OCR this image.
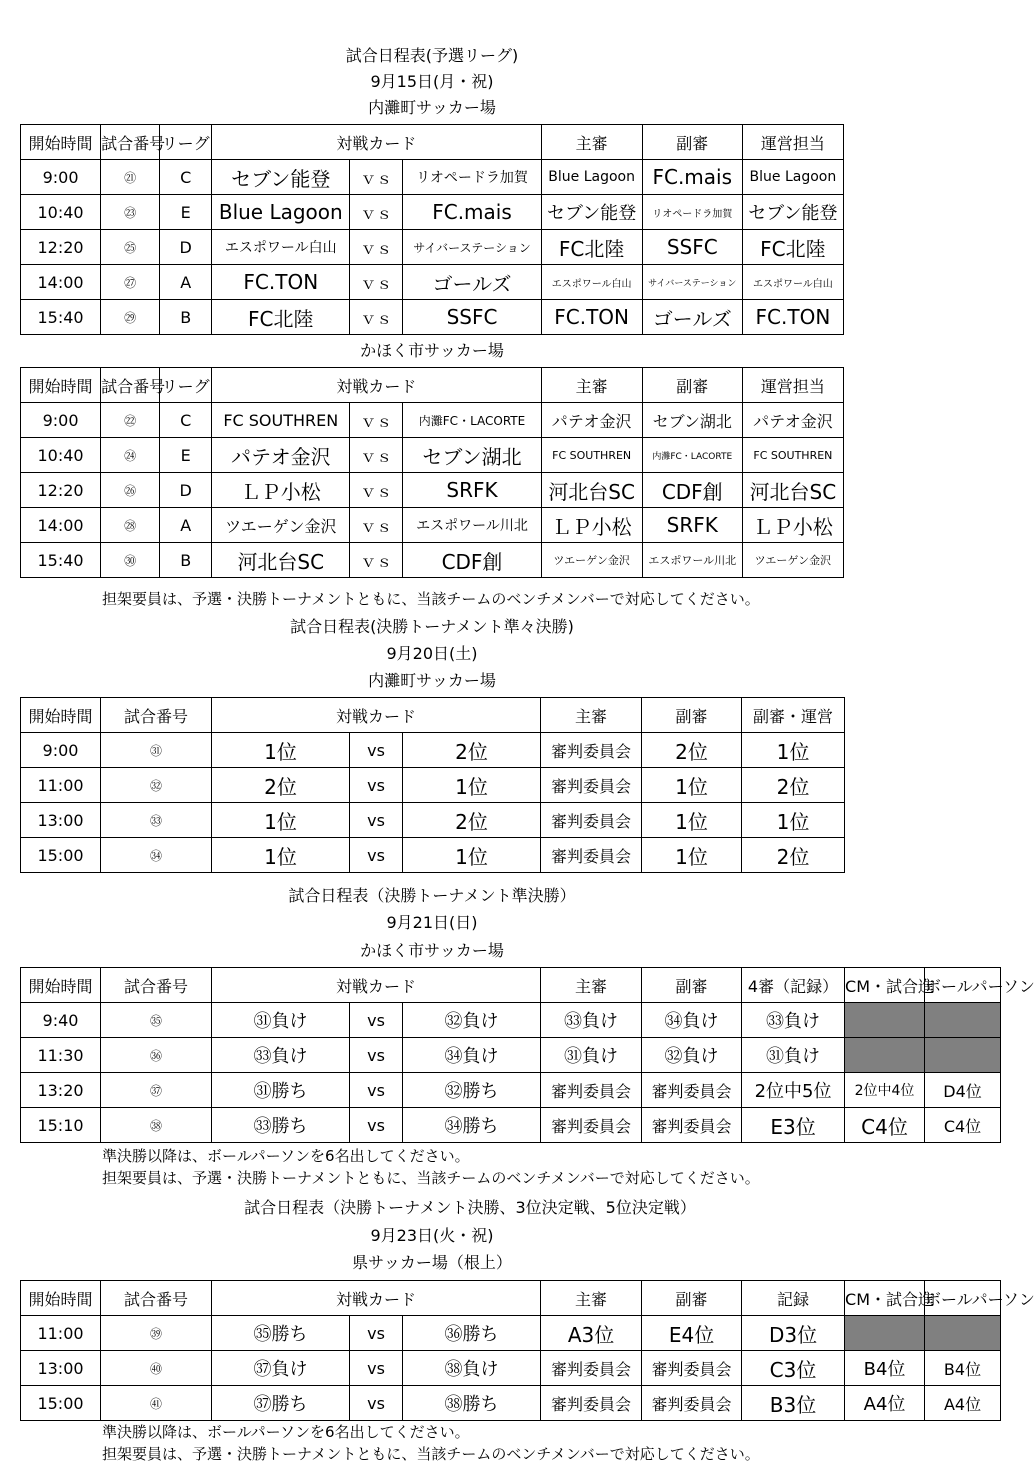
試合日程表(予選リーグ)
9月15日(月・祝)
内灘町サッカー場
開始時間	試合番号	リーグ	対戦カード			主審	副審	運営担当
9:00	㉑	C	セブン能登	ｖｓ	リオペードラ加賀	Blue Lagoon	FC.mais	Blue Lagoon
10:40	㉓	E	Blue Lagoon	ｖｓ	FC.mais	セブン能登	リオペードラ加賀	セブン能登
12:20	㉕	D	エスポワール白山	ｖｓ	サイバーステーション	FC北陸	SSFC	FC北陸
14:00	㉗	A	FC.TON	ｖｓ	ゴールズ	エスポワール白山	サイバーステーション	エスポワール白山
15:40	㉙	B	FC北陸	ｖｓ	SSFC	FC.TON	ゴールズ	FC.TON
かほく市サッカー場
開始時間	試合番号	リーグ	対戦カード			主審	副審	運営担当
9:00	㉒	C	FC SOUTHREN	ｖｓ	内灘FC・LACORTE	パテオ金沢	セブン湖北	パテオ金沢
10:40	㉔	E	パテオ金沢	ｖｓ	セブン湖北	FC SOUTHREN	内灘FC・LACORTE	FC SOUTHREN
12:20	㉖	D	ＬＰ小松	ｖｓ	SRFK	河北台SC	CDF創	河北台SC
14:00	㉘	A	ツエーゲン金沢	ｖｓ	エスポワール川北	ＬＰ小松	SRFK	ＬＰ小松
15:40	㉚	B	河北台SC	ｖｓ	CDF創	ツエーゲン金沢	エスポワール川北	ツエーゲン金沢
担架要員は、予選・決勝トーナメントともに、当該チームのベンチメンバーで対応してください。
試合日程表(決勝トーナメント準々決勝)
9月20日(土)
内灘町サッカー場
開始時間	試合番号	対戦カード			主審	副審	副審・運営
9:00	㉛	1位	vs	2位	審判委員会	2位	1位
11:00	㉜	2位	vs	1位	審判委員会	1位	2位
13:00	㉝	1位	vs	2位	審判委員会	1位	1位
15:00	㉞	1位	vs	1位	審判委員会	1位	2位
試合日程表（決勝トーナメント準決勝）
9月21日(日)
かほく市サッカー場
開始時間	試合番号	対戦カード			主審	副審	4審（記録）	CM・試合進	ボールパーソン
9:40	㉟	㉛負け	vs	㉜負け	㉝負け	㉞負け	㉝負け		
11:30	㊱	㉝負け	vs	㉞負け	㉛負け	㉜負け	㉛負け		
13:20	㊲	㉛勝ち	vs	㉜勝ち	審判委員会	審判委員会	2位中5位	2位中4位	D4位
15:10	㊳	㉝勝ち	vs	㉞勝ち	審判委員会	審判委員会	E3位	C4位	C4位
準決勝以降は、ボールパーソンを6名出してください。
担架要員は、予選・決勝トーナメントともに、当該チームのベンチメンバーで対応してください。
試合日程表（決勝トーナメント決勝、3位決定戦、5位決定戦）
9月23日(火・祝)
県サッカー場（根上）
開始時間	試合番号	対戦カード			主審	副審	記録	CM・試合進	ボールパーソン
11:00	㊴	㉟勝ち	vs	㊱勝ち	A3位	E4位	D3位		
13:00	㊵	㊲負け	vs	㊳負け	審判委員会	審判委員会	C3位	B4位	B4位
15:00	㊶	㊲勝ち	vs	㊳勝ち	審判委員会	審判委員会	B3位	A4位	A4位
準決勝以降は、ボールパーソンを6名出してください。
担架要員は、予選・決勝トーナメントともに、当該チームのベンチメンバーで対応してください。
